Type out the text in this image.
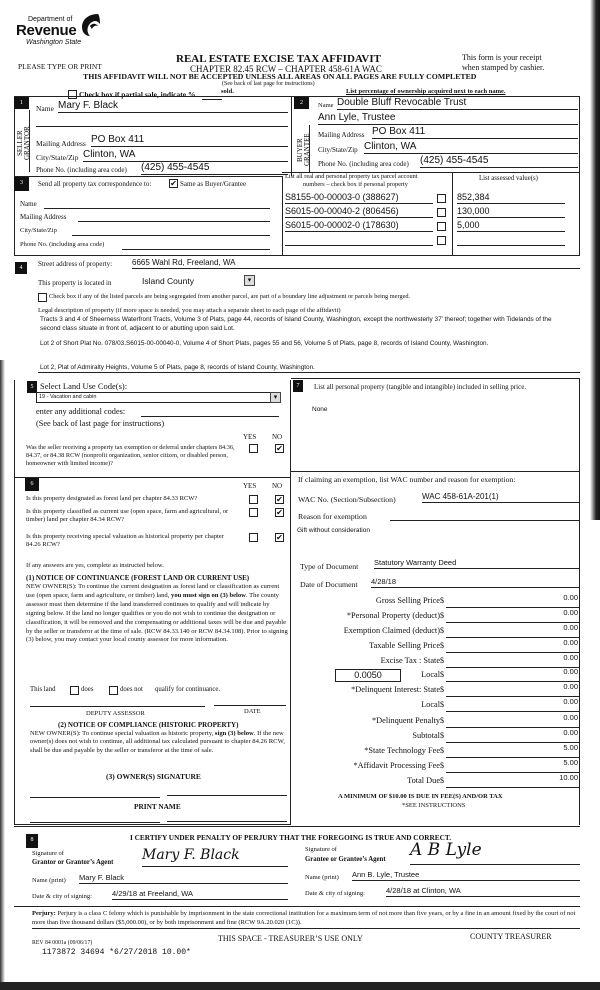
Department of
Revenue
Washington State
PLEASE TYPE OR PRINT
REAL ESTATE EXCISE TAX AFFIDAVIT
CHAPTER 82.45 RCW – CHAPTER 458-61A WAC
This form is your receipt
when stamped by cashier.
THIS AFFIDAVIT WILL NOT BE ACCEPTED UNLESS ALL AREAS ON ALL PAGES ARE FULLY COMPLETED
(See back of last page for instructions)
Check box if partial sale, indicate %	sold.	List percentage of ownership acquired next to each name.
1
SELLER GRANTOR
Name Mary F. Black
Mailing Address PO Box 411
City/State/Zip Clinton, WA
Phone No. (including area code) (425) 455-4545
2
BUYER GRANTEE
Name Double Bluff Revocable Trust
Ann Lyle, Trustee
Mailing Address PO Box 411
City/State/Zip Clinton, WA
Phone No. (including area code) (425) 455-4545
3	Send all property tax correspondence to: ✔ Same as Buyer/Grantee
Name
Mailing Address
City/State/Zip
Phone No. (including area code)
List all real and personal property tax parcel account
numbers – check box if personal property
List assessed value(s)
S8155-00-00003-0 (388627)	852,384
S6015-00-00040-2 (806456)	130,000
S6015-00-00002-0 (178630)	5,000
4	Street address of property: 6665 Wahl Rd, Freeland, WA
This property is located in	Island County	▾
Check box if any of the listed parcels are being segregated from another parcel, are part of a boundary line adjustment or parcels being merged.
Legal description of property (if more space is needed, you may attach a separate sheet to each page of the affidavit)
Tracts 3 and 4 of Sheerness Waterfront Tracts, Volume 3 of Plats, page 44, records of Island County, Washington, except the northwesterly 37’ thereof; together with Tidelands of the second class situate in front of, adjacent to or abutting upon said Lot.
Lot 2 of Short Plat No. 078/03.S6015-00-00040-0, Volume 4 of Short Plats, pages 55 and 56, Volume 5 of Plats, page 8, records of Island County, Washington.
Lot 2, Plat of Admiralty Heights, Volume 5 of Plats, page 8, records of Island County, Washington.
5 Select Land Use Code(s):
19 - Vacation and cabin	▾
enter any additional codes:
(See back of last page for instructions)
YES NO
Was the seller receiving a property tax exemption or deferral under chapters 84.36, 84.37, or 84.38 RCW (nonprofit organization, senior citizen, or disabled person, homeowner with limited income)?
✔
7	List all personal property (tangible and intangible) included in selling price.
None
6	YES NO
Is this property designated as forest land per chapter 84.33 RCW?	✔
Is this property classified as current use (open space, farm and agricultural, or timber) land per chapter 84.34 RCW?
✔
Is this property receiving special valuation as historical property per chapter 84.26 RCW?
✔
If any answers are yes, complete as instructed below.
(1) NOTICE OF CONTINUANCE (FOREST LAND OR CURRENT USE)
NEW OWNER(S): To continue the current designation as forest land or classification as current use (open space, farm and agriculture, or timber) land, you must sign on (3) below. The county assessor must then determine if the land transferred continues to qualify and will indicate by signing below. If the land no longer qualifies or you do not wish to continue the designation or classification, it will be removed and the compensating or additional taxes will be due and payable by the seller or transferor at the time of sale. (RCW 84.33.140 or RCW 84.34.108). Prior to signing (3) below, you may contact your local county assessor for more information.
This land	does	does not qualify for continuance.
DEPUTY ASSESSOR	DATE
(2) NOTICE OF COMPLIANCE (HISTORIC PROPERTY)
NEW OWNER(S): To continue special valuation as historic property, sign (3) below. If the new owner(s) does not wish to continue, all additional tax calculated pursuant to chapter 84.26 RCW, shall be due and payable by the seller or transferor at the time of sale.
(3) OWNER(S) SIGNATURE
PRINT NAME
If claiming an exemption, list WAC number and reason for exemption:
WAC No. (Section/Subsection)	WAC 458-61A-201(1)
Reason for exemption
Gift without consideration
Type of Document Statutory Warranty Deed
Date of Document 4/28/18
Gross Selling Price $	0.00
*Personal Property (deduct) $	0.00
Exemption Claimed (deduct) $	0.00
Taxable Selling Price $	0.00
Excise Tax : State $	0.00
0.0050	Local $	0.00
*Delinquent Interest: State $	0.00
Local $	0.00
*Delinquent Penalty $	0.00
Subtotal $	0.00
*State Technology Fee $	5.00
*Affidavit Processing Fee $	5.00
Total Due $	10.00
A MINIMUM OF $10.00 IS DUE IN FEE(S) AND/OR TAX
*SEE INSTRUCTIONS
8	I CERTIFY UNDER PENALTY OF PERJURY THAT THE FOREGOING IS TRUE AND CORRECT.
Signature of
Grantor or Grantor’s Agent Mary F. Black
Name (print) Mary F. Black
Date & city of signing:	4/29/18 at Freeland, WA
Signature of
Grantee or Grantee’s Agent A B Lyle
Name (print) Ann B. Lyle, Trustee
Date & city of signing:	4/28/18 at Clinton, WA
Perjury: Perjury is a class C felony which is punishable by imprisonment in the state correctional institution for a maximum term of not more than five years, or by a fine in an amount fixed by the court of not more than five thousand dollars ($5,000.00), or by both imprisonment and fine (RCW 9A.20.020 (1C)).
REV 84 0001a (09/06/17)	THIS SPACE - TREASURER’S USE ONLY	COUNTY TREASURER
1173872 34694 *6/27/2018 10.00*
